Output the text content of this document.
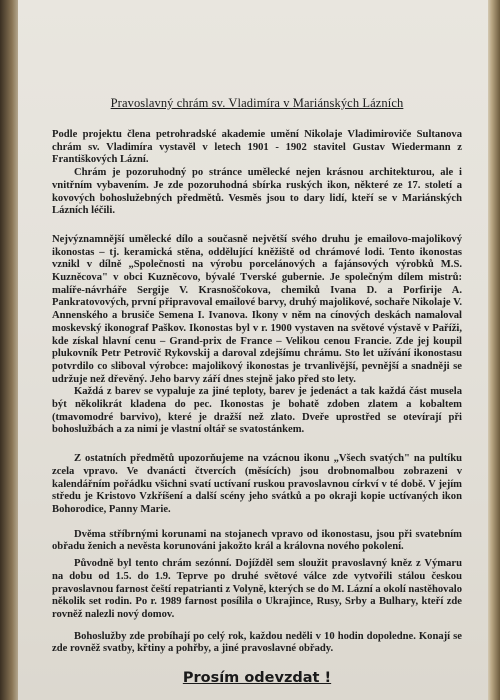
Pravoslavný chrám sv. Vladimíra v Mariánských Lázních

Podle projektu člena petrohradské akademie umění Nikolaje Vladimiroviče Sultanova chrám sv. Vladimíra vystavěl v letech 1901 - 1902 stavitel Gustav Wiedermann z Františkových Lázní.

Chrám je pozoruhodný po stránce umělecké nejen krásnou architekturou, ale i vnitřním vybavením. Je zde pozoruhodná sbírka ruských ikon, některé ze 17. století a kovových bohoslužebných předmětů. Vesměs jsou to dary lidí, kteří se v Mariánských Lázních léčili.

Nejvýznamnější umělecké dílo a současně největší svého druhu je emailovo-majolikový ikonostas – tj. keramická stěna, oddělující kněžiště od chrámové lodi. Tento ikonostas vznikl v dílně „Společnosti na výrobu porcelánových a fajánsových výrobků M.S. Kuzněcova" v obci Kuzněcovo, bývalé Tverské gubernie. Je společným dílem mistrů: malíře-návrháře Sergije V. Krasnoščokova, chemiků Ivana D. a Porfirije A. Pankratovových, první připravoval emailové barvy, druhý majolikové, sochaře Nikolaje V. Annenského a brusiče Semena I. Ivanova. Ikony v něm na cínových deskách namaloval moskevský ikonograf Paškov. Ikonostas byl v r. 1900 vystaven na světové výstavě v Paříži, kde získal hlavní cenu – Grand-prix de France – Velikou cenou Francie. Zde jej koupil plukovník Petr Petrovič Rykovskij a daroval zdejšímu chrámu. Sto let užívání ikonostasu potvrdilo co sliboval výrobce: majolikový ikonostas je trvanlivější, pevnější a snadněji se udržuje než dřevěný. Jeho barvy září dnes stejně jako před sto lety.

Každá z barev se vypaluje za jiné teploty, barev je jedenáct a tak každá část musela být několikrát kladena do pec. Ikonostas je bohatě zdoben zlatem a kobaltem (tmavomodré barvivo), které je dražší než zlato. Dveře uprostřed se otevírají při bohoslužbách a za nimi je vlastní oltář se svatostánkem.

Z ostatních předmětů upozorňujeme na vzácnou ikonu „Všech svatých" na pultíku zcela vpravo. Ve dvanácti čtvercích (měsících) jsou drobnomalbou zobrazeni v kalendářním pořádku všichni svatí uctívaní ruskou pravoslavnou církví v té době. V jejím středu je Kristovo Vzkříšení a další scény jeho svátků a po okraji kopie uctívaných ikon Bohorodice, Panny Marie.

Dvěma stříbrnými korunami na stojanech vpravo od ikonostasu, jsou při svatebním obřadu ženich a nevěsta korunováni jakožto král a královna nového pokolení.

Původně byl tento chrám sezónní. Dojížděl sem sloužit pravoslavný kněz z Výmaru na dobu od 1.5. do 1.9. Teprve po druhé světové válce zde vytvořili stálou českou pravoslavnou farnost čeští repatrianti z Volyně, kterých se do M. Lázní a okolí nastěhovalo několik set rodin. Po r. 1989 farnost posílila o Ukrajince, Rusy, Srby a Bulhary, kteří zde rovněž nalezli nový domov.

Bohoslužby zde probíhají po celý rok, každou neděli v 10 hodin dopoledne. Konají se zde rovněž svatby, křtiny a pohřby, a jiné pravoslavné obřady.

Prosím odevzdat !
